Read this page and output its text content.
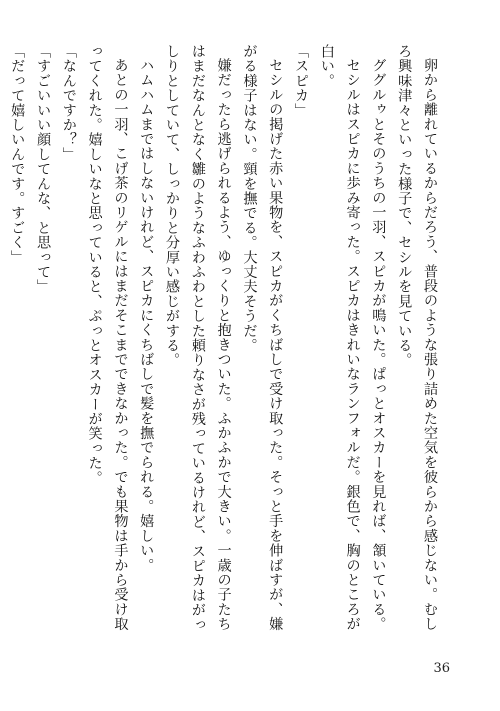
卵から離れているからだろう、普段のような張り詰めた空気を彼らから感じない。むしろ興味津々といった様子で、セシルを見ている。

ググルゥとそのうちの一羽、スピカが鳴いた。ぱっとオスカーを見れば、頷いている。

セシルはスピカに歩み寄った。スピカはきれいなランフォルだ。銀色で、胸のところが白い。

「スピカ」

セシルの掲げた赤い果物を、スピカがくちばしで受け取った。そっと手を伸ばすが、嫌がる様子はない。頸を撫でる。大丈夫そうだ。

嫌だったら逃げられるよう、ゆっくりと抱きついた。ふかふかで大きい。一歳の子たちはまだなんとなく雛のようなふわふわとした頼りなさが残っているけれど、スピカはがっしりとしていて、しっかりと分厚い感じがする。

ハムハムまではしないけれど、スピカにくちばしで髪を撫でられる。嬉しい。

あとの一羽、こげ茶のリゲルにはまだそこまでできなかった。でも果物は手から受け取ってくれた。嬉しいなと思っていると、ぷっとオスカーが笑った。

「なんですか？」

「すごいいい顔してんな、と思って」

「だって嬉しいんです。すごく」

36
